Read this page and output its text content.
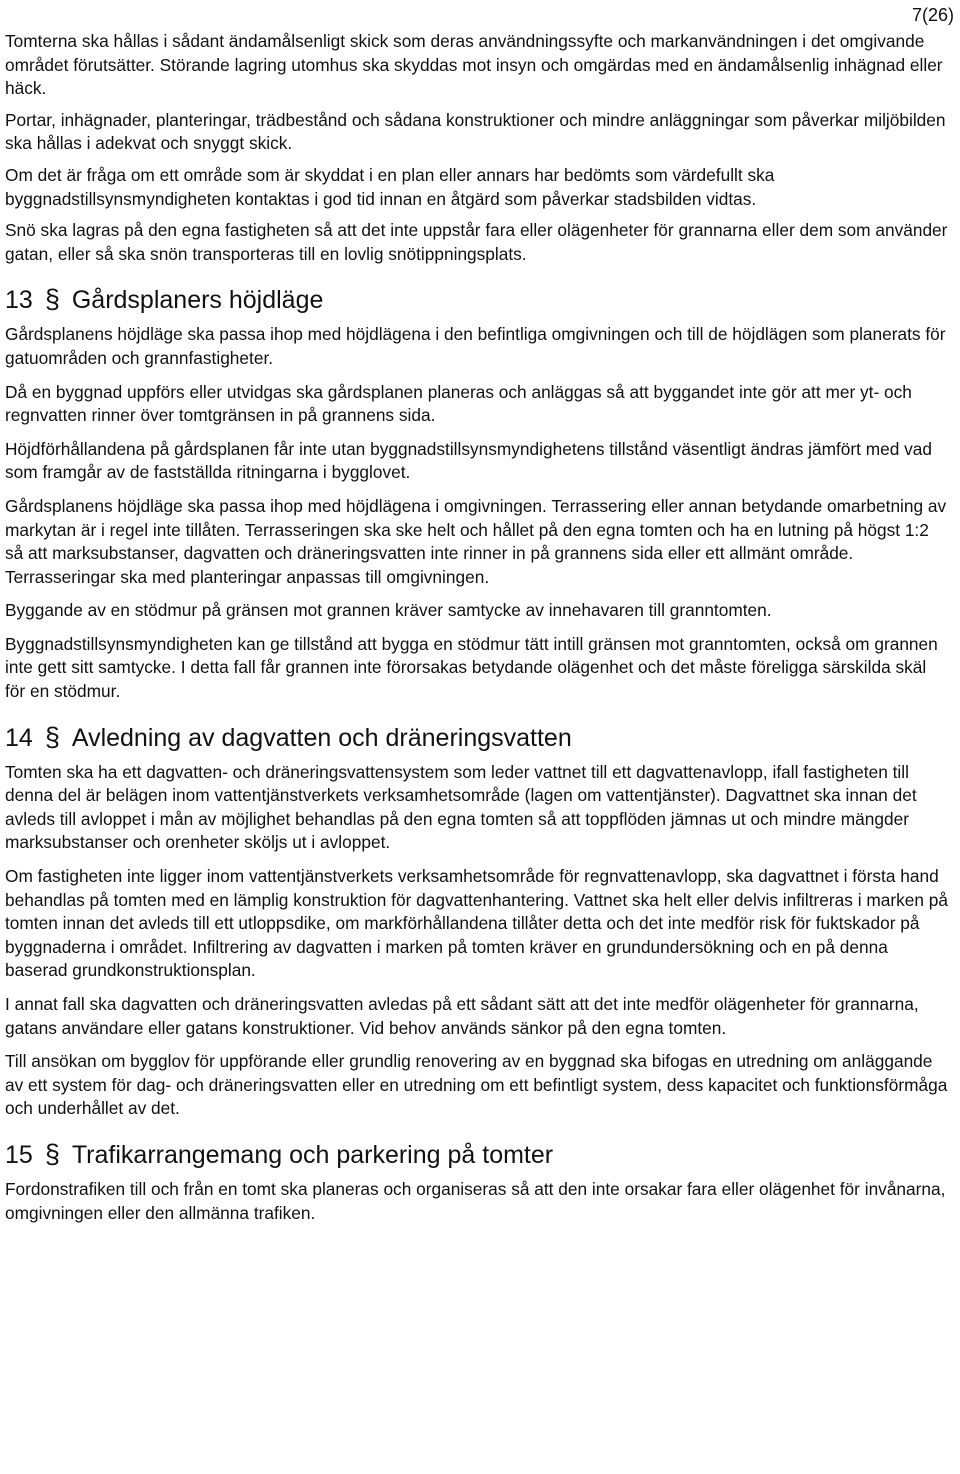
7(26)

Tomterna ska hållas i sådant ändamålsenligt skick som deras användningssyfte och markanvändningen i det omgivande området förutsätter. Störande lagring utomhus ska skyddas mot insyn och omgärdas med en ändamålsenlig inhägnad eller häck.

Portar, inhägnader, planteringar, trädbestånd och sådana konstruktioner och mindre anläggningar som påverkar miljöbilden ska hållas i adekvat och snyggt skick.

Om det är fråga om ett område som är skyddat i en plan eller annars har bedömts som värdefullt ska byggnadstillsynsmyndigheten kontaktas i god tid innan en åtgärd som påverkar stadsbilden vidtas.

Snö ska lagras på den egna fastigheten så att det inte uppstår fara eller olägenheter för grannarna eller dem som använder gatan, eller så ska snön transporteras till en lovlig snötippningsplats.

13 § Gårdsplaners höjdläge

Gårdsplanens höjdläge ska passa ihop med höjdlägena i den befintliga omgivningen och till de höjdlägen som planerats för gatuområden och grannfastigheter.

Då en byggnad uppförs eller utvidgas ska gårdsplanen planeras och anläggas så att byggandet inte gör att mer yt- och regnvatten rinner över tomtgränsen in på grannens sida.

Höjdförhållandena på gårdsplanen får inte utan byggnadstillsynsmyndighetens tillstånd väsentligt ändras jämfört med vad som framgår av de fastställda ritningarna i bygglovet.

Gårdsplanens höjdläge ska passa ihop med höjdlägena i omgivningen. Terrassering eller annan betydande omarbetning av markytan är i regel inte tillåten. Terrasseringen ska ske helt och hållet på den egna tomten och ha en lutning på högst 1:2 så att marksubstanser, dagvatten och dräneringsvatten inte rinner in på grannens sida eller ett allmänt område. Terrasseringar ska med planteringar anpassas till omgivningen.

Byggande av en stödmur på gränsen mot grannen kräver samtycke av innehavaren till granntomten.

Byggnadstillsynsmyndigheten kan ge tillstånd att bygga en stödmur tätt intill gränsen mot granntomten, också om grannen inte gett sitt samtycke. I detta fall får grannen inte förorsakas betydande olägenhet och det måste föreligga särskilda skäl för en stödmur.

14 § Avledning av dagvatten och dräneringsvatten

Tomten ska ha ett dagvatten- och dräneringsvattensystem som leder vattnet till ett dagvattenavlopp, ifall fastigheten till denna del är belägen inom vattentjänstverkets verksamhetsområde (lagen om vattentjänster). Dagvattnet ska innan det avleds till avloppet i mån av möjlighet behandlas på den egna tomten så att toppflöden jämnas ut och mindre mängder marksubstanser och orenheter sköljs ut i avloppet.

Om fastigheten inte ligger inom vattentjänstverkets verksamhetsområde för regnvattenavlopp, ska dagvattnet i första hand behandlas på tomten med en lämplig konstruktion för dagvattenhantering. Vattnet ska helt eller delvis infiltreras i marken på tomten innan det avleds till ett utloppsdike, om markförhållandena tillåter detta och det inte medför risk för fuktskador på byggnaderna i området. Infiltrering av dagvatten i marken på tomten kräver en grundundersökning och en på denna baserad grundkonstruktionsplan.

I annat fall ska dagvatten och dräneringsvatten avledas på ett sådant sätt att det inte medför olägenheter för grannarna, gatans användare eller gatans konstruktioner. Vid behov används sänkor på den egna tomten.

Till ansökan om bygglov för uppförande eller grundlig renovering av en byggnad ska bifogas en utredning om anläggande av ett system för dag- och dräneringsvatten eller en utredning om ett befintligt system, dess kapacitet och funktionsförmåga och underhållet av det.

15 § Trafikarrangemang och parkering på tomter

Fordonstrafiken till och från en tomt ska planeras och organiseras så att den inte orsakar fara eller olägenhet för invånarna, omgivningen eller den allmänna trafiken.
